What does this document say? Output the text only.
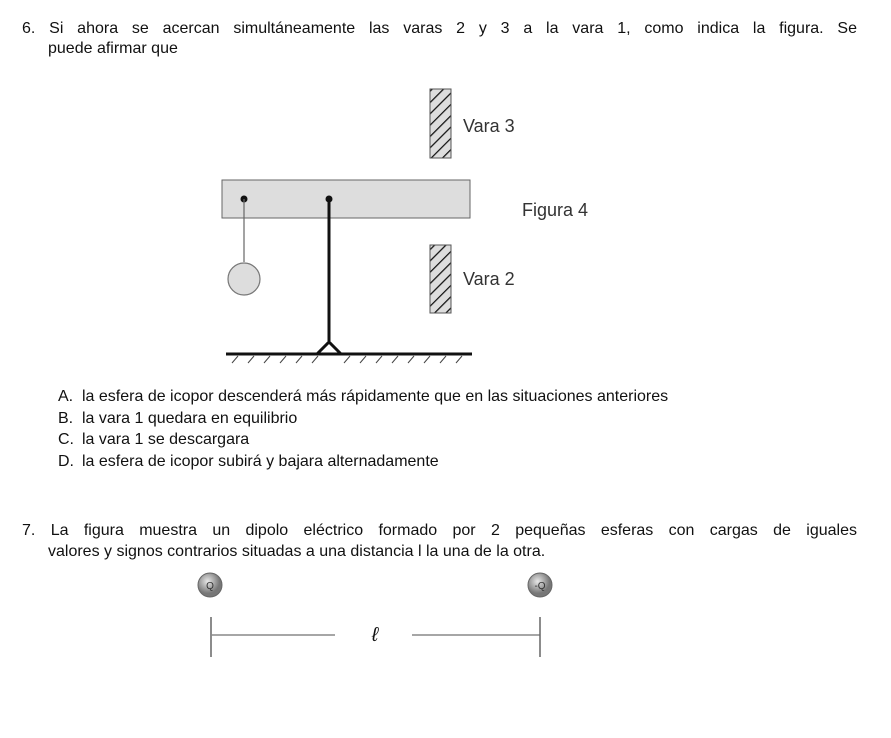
6. Si ahora se acercan simultáneamente las varas 2 y 3 a la vara 1, como indica la figura. Se
puede afirmar que
Vara 3
Figura 4
Vara 2
Q	-Q
ℓ
A. la esfera de icopor descenderá más rápidamente que en las situaciones anteriores
B. la vara 1 quedara en equilibrio
C. la vara 1 se descargara
D. la esfera de icopor subirá y bajara alternadamente
7. La figura muestra un dipolo eléctrico formado por 2 pequeñas esferas con cargas de iguales
valores y signos contrarios situadas a una distancia l la una de la otra.
